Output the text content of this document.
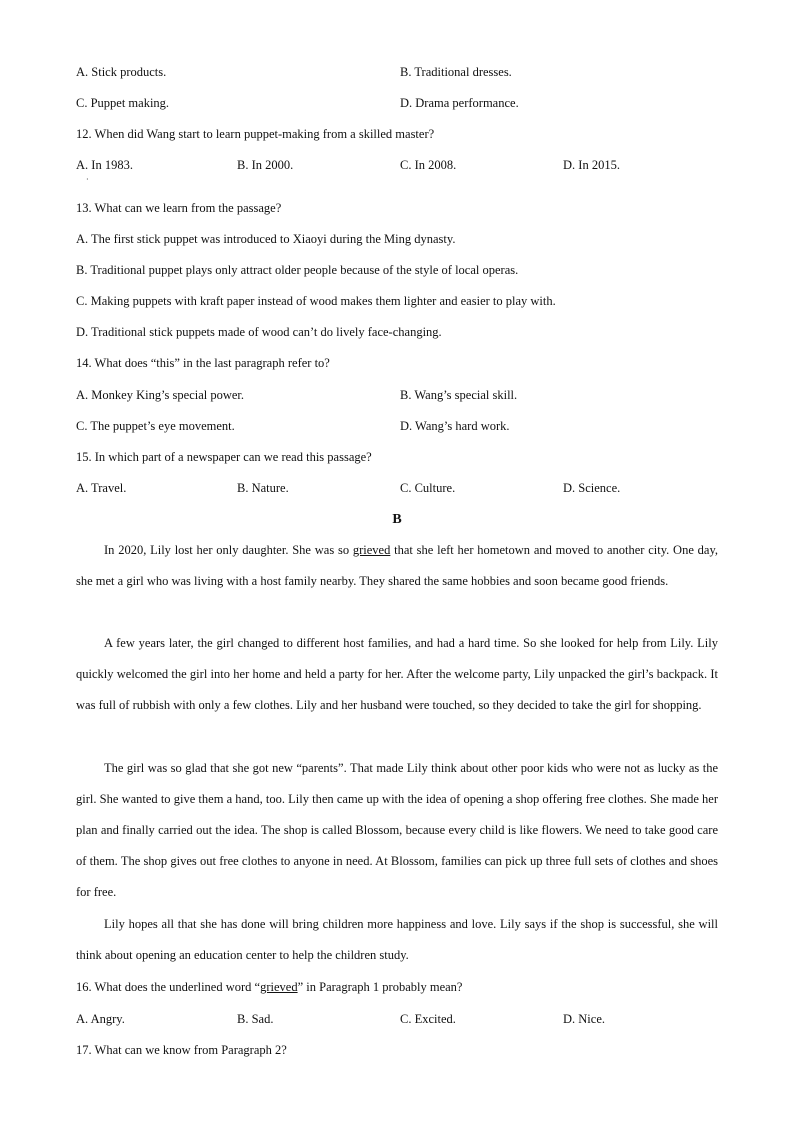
A. Stick products.	B. Traditional dresses.
C. Puppet making.	D. Drama performance.
12. When did Wang start to learn puppet-making from a skilled master?
A. In 1983.
·
B. In 2000.	C. In 2008.	D. In 2015.
13. What can we learn from the passage?
A. The first stick puppet was introduced to Xiaoyi during the Ming dynasty.
B. Traditional puppet plays only attract older people because of the style of local operas.
C. Making puppets with kraft paper instead of wood makes them lighter and easier to play with.
D. Traditional stick puppets made of wood can’t do lively face-changing.
14. What does “this” in the last paragraph refer to?
A. Monkey King’s special power.	B. Wang’s special skill.
C. The puppet’s eye movement.	D. Wang’s hard work.
15. In which part of a newspaper can we read this passage?
A. Travel.	B. Nature.	C. Culture.	D. Science.
B
In 2020, Lily lost her only daughter. She was so grieved that she left her hometown and moved to another city. One day, she met a girl who was living with a host family nearby. They shared the same hobbies and soon became good friends.
A few years later, the girl changed to different host families, and had a hard time. So she looked for help from Lily. Lily quickly welcomed the girl into her home and held a party for her. After the welcome party, Lily unpacked the girl’s backpack. It was full of rubbish with only a few clothes. Lily and her husband were touched, so they decided to take the girl for shopping.
The girl was so glad that she got new “parents”. That made Lily think about other poor kids who were not as lucky as the girl. She wanted to give them a hand, too. Lily then came up with the idea of opening a shop offering free clothes. She made her plan and finally carried out the idea. The shop is called Blossom, because every child is like flowers. We need to take good care of them. The shop gives out free clothes to anyone in need. At Blossom, families can pick up three full sets of clothes and shoes for free.
Lily hopes all that she has done will bring children more happiness and love. Lily says if the shop is successful, she will think about opening an education center to help the children study.
16. What does the underlined word “grieved” in Paragraph 1 probably mean?
A. Angry.	B. Sad.	C. Excited.	D. Nice.
17. What can we know from Paragraph 2?
